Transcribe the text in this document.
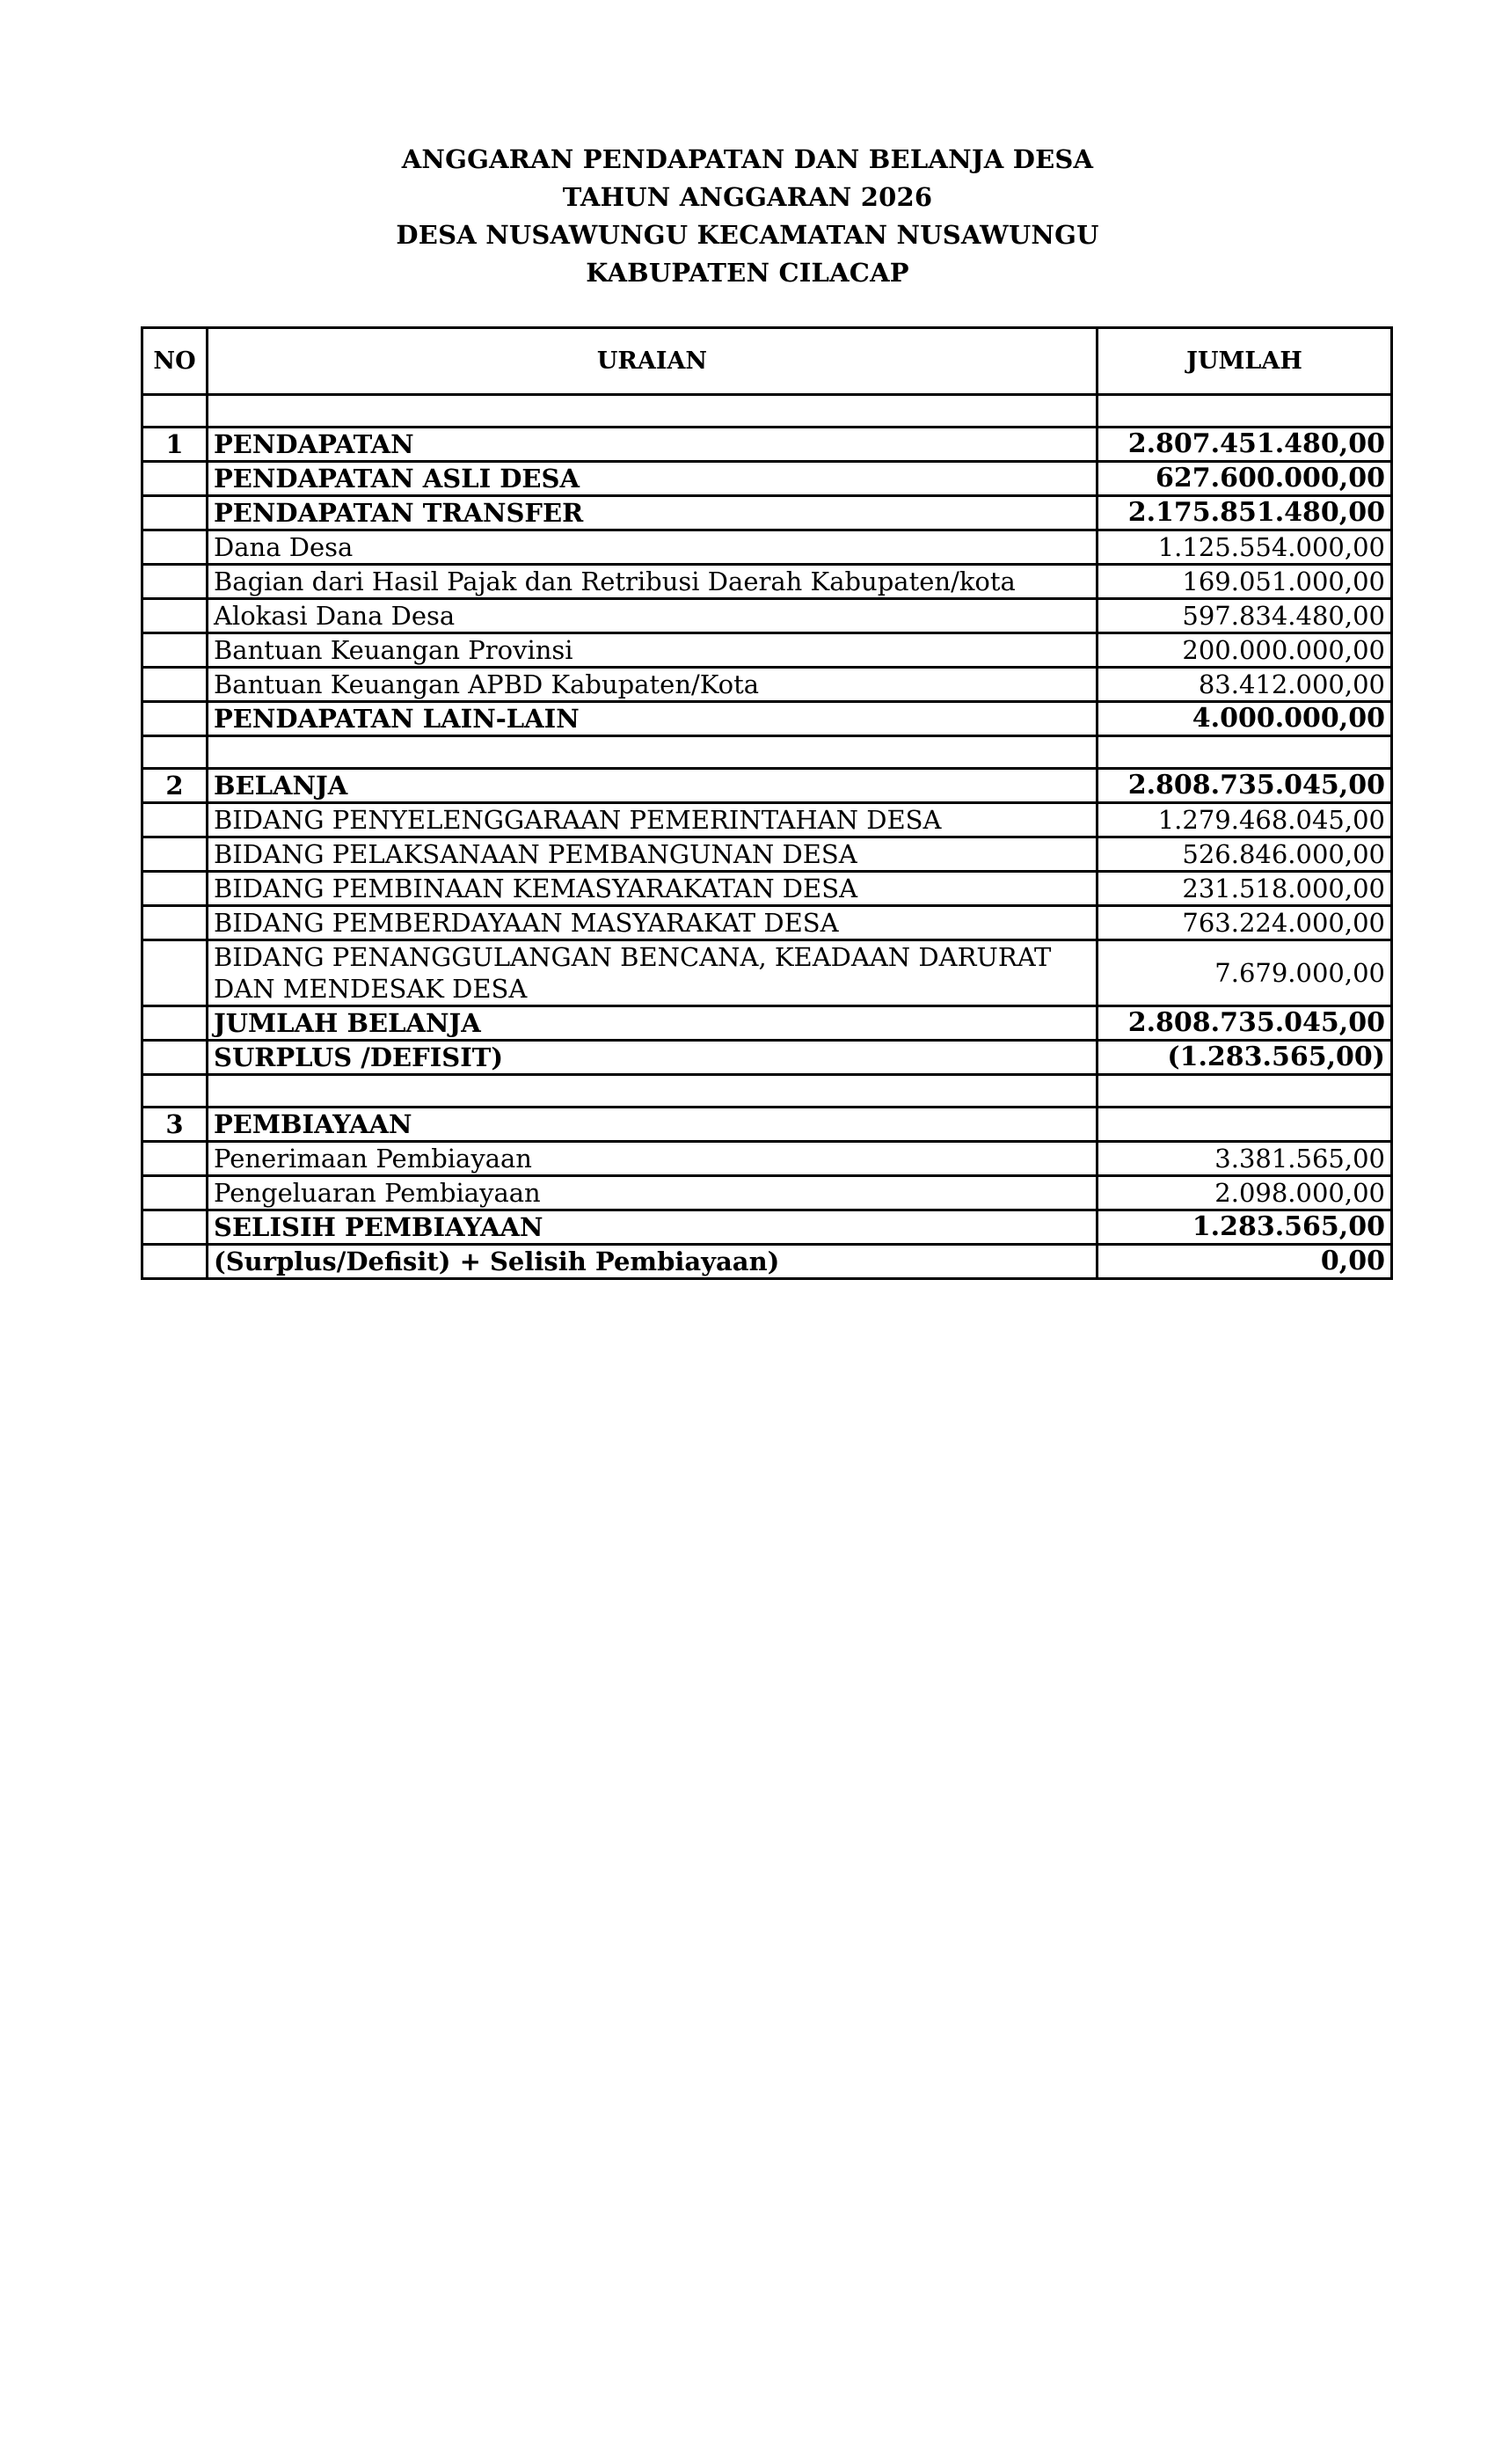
ANGGARAN PENDAPATAN DAN BELANJA DESA
TAHUN ANGGARAN 2026
DESA NUSAWUNGU KECAMATAN NUSAWUNGU
KABUPATEN CILACAP
NO	URAIAN	JUMLAH

1	PENDAPATAN	2.807.451.480,00
	PENDAPATAN ASLI DESA	627.600.000,00
	PENDAPATAN TRANSFER	2.175.851.480,00
	Dana Desa	1.125.554.000,00
	Bagian dari Hasil Pajak dan Retribusi Daerah Kabupaten/kota	169.051.000,00
	Alokasi Dana Desa	597.834.480,00
	Bantuan Keuangan Provinsi	200.000.000,00
	Bantuan Keuangan APBD Kabupaten/Kota	83.412.000,00
	PENDAPATAN LAIN-LAIN	4.000.000,00

2	BELANJA	2.808.735.045,00
	BIDANG PENYELENGGARAAN PEMERINTAHAN DESA	1.279.468.045,00
	BIDANG PELAKSANAAN PEMBANGUNAN DESA	526.846.000,00
	BIDANG PEMBINAAN KEMASYARAKATAN DESA	231.518.000,00
	BIDANG PEMBERDAYAAN MASYARAKAT DESA	763.224.000,00
	BIDANG PENANGGULANGAN BENCANA, KEADAAN DARURAT DAN MENDESAK DESA	7.679.000,00
	JUMLAH BELANJA	2.808.735.045,00
	SURPLUS /DEFISIT)	(1.283.565,00)

3	PEMBIAYAAN	
	Penerimaan Pembiayaan	3.381.565,00
	Pengeluaran Pembiayaan	2.098.000,00
	SELISIH PEMBIAYAAN	1.283.565,00
	(Surplus/Defisit) + Selisih Pembiayaan)	0,00
